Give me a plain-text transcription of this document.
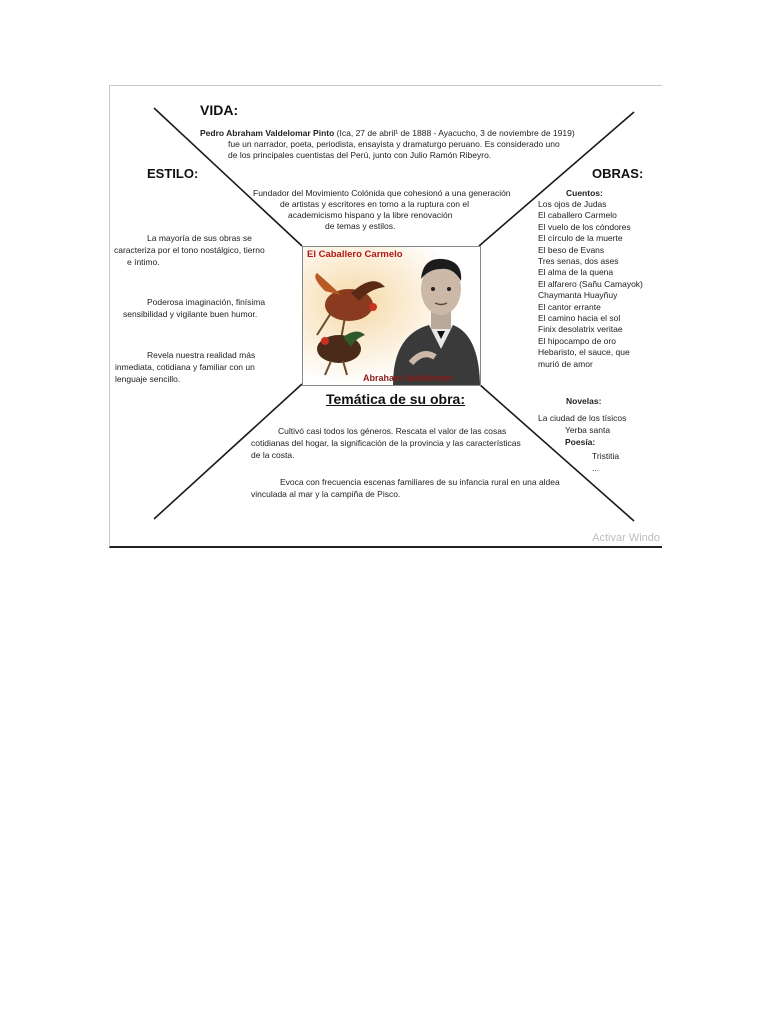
VIDA:
Pedro Abraham Valdelomar Pinto (Ica, 27 de abril¹ de 1888 - Ayacucho, 3 de noviembre de 1919)
fue un narrador, poeta, periodista, ensayista y dramaturgo peruano. Es considerado uno
de los principales cuentistas del Perú, junto con Julio Ramón Ribeyro.
Fundador del Movimiento Colónida que cohesionó a una generación
de artistas y escritores en torno a la ruptura con el
academicismo hispano y la libre renovación
de temas y estilos.
ESTILO:
La mayoría de sus obras se
caracteriza por el tono nostálgico, tierno
e íntimo.
Poderosa imaginación, finísima
sensibilidad y vigilante buen humor.
Revela nuestra realidad más
inmediata, cotidiana y familiar con un
lenguaje sencillo.
OBRAS:
Cuentos:
Los ojos de Judas
El caballero Carmelo
El vuelo de los cóndores
El círculo de la muerte
El beso de Evans
Tres senas, dos ases
El alma de la quena
El alfarero (Sañu Camayok)
Chaymanta Huayñuy
El cantor errante
El camino hacia el sol
Finix desolatrix veritae
El hipocampo de oro
Hebaristo, el sauce, que
murió de amor
Novelas:
La ciudad de los tísicos
Yerba santa
Poesía:
Tristitia
...
El Caballero Carmelo
Abraham Valdelomar
Temática de su obra:
Cultivó casi todos los géneros. Rescata el valor de las cosas
cotidianas del hogar, la significación de la provincia y las características
de la costa.
Evoca con frecuencia escenas familiares de su infancia rural en una aldea
vinculada al mar y la campiña de Pisco.
Activar Windo
